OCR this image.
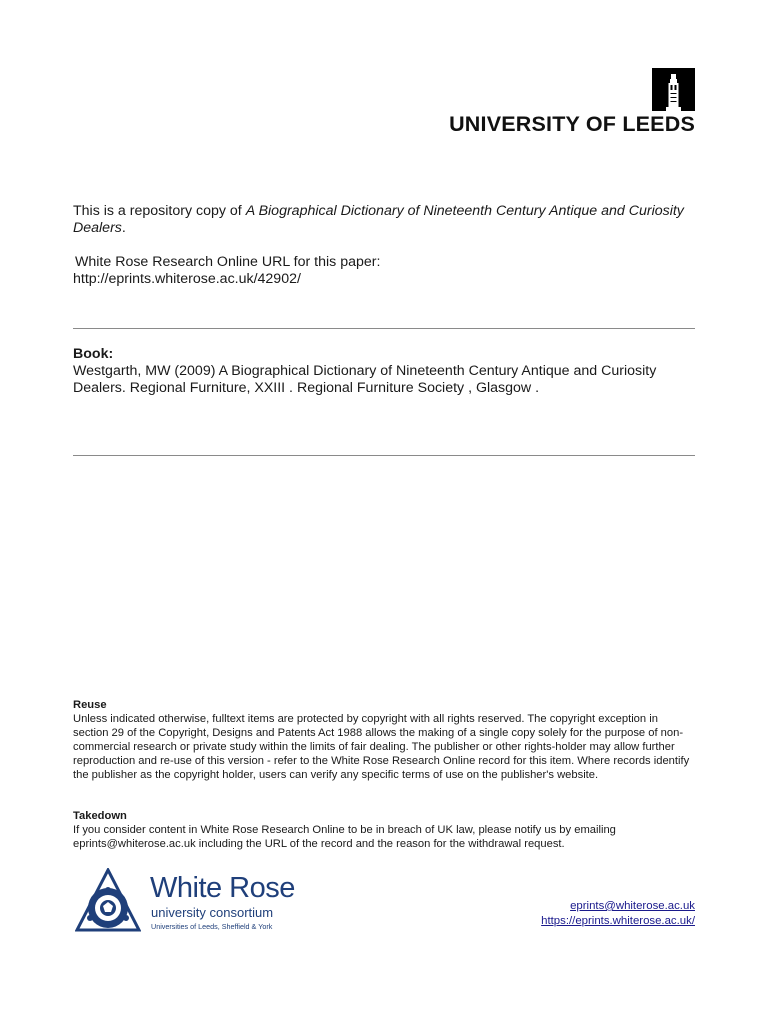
UNIVERSITY OF LEEDS
This is a repository copy of A Biographical Dictionary of Nineteenth Century Antique and Curiosity Dealers.
White Rose Research Online URL for this paper:
http://eprints.whiterose.ac.uk/42902/
Book:
Westgarth, MW (2009) A Biographical Dictionary of Nineteenth Century Antique and Curiosity Dealers. Regional Furniture, XXIII . Regional Furniture Society , Glasgow .
Reuse
Unless indicated otherwise, fulltext items are protected by copyright with all rights reserved. The copyright exception in section 29 of the Copyright, Designs and Patents Act 1988 allows the making of a single copy solely for the purpose of non-commercial research or private study within the limits of fair dealing. The publisher or other rights-holder may allow further reproduction and re-use of this version - refer to the White Rose Research Online record for this item. Where records identify the publisher as the copyright holder, users can verify any specific terms of use on the publisher's website.
Takedown
If you consider content in White Rose Research Online to be in breach of UK law, please notify us by emailing eprints@whiterose.ac.uk including the URL of the record and the reason for the withdrawal request.
White Rose
university consortium
Universities of Leeds, Sheffield & York
eprints@whiterose.ac.uk
https://eprints.whiterose.ac.uk/
